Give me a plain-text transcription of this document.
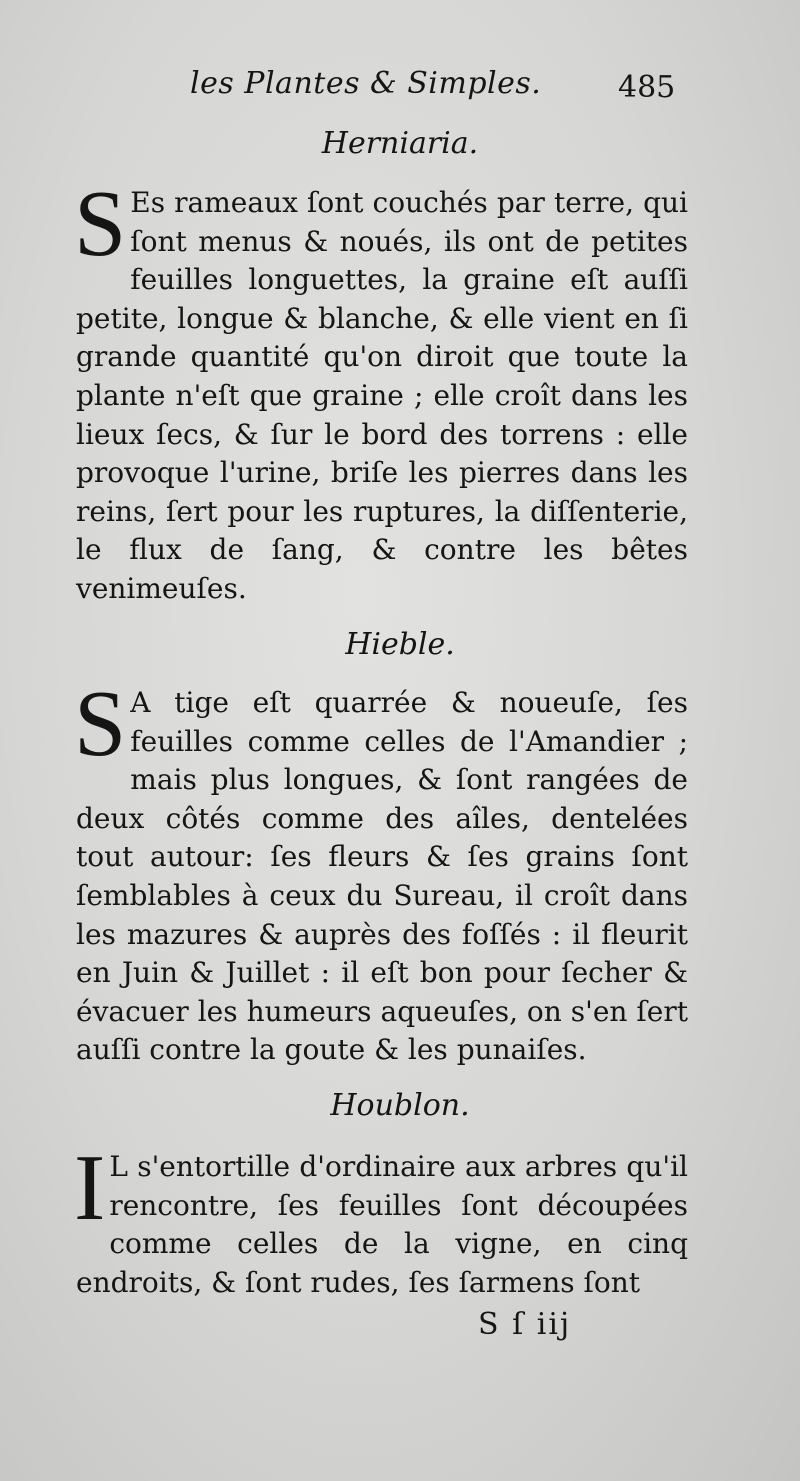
les Plantes & Simples.	485
Herniaria.

S Es rameaux ſont couchés par terre, qui ſont menus & noués, ils ont de petites feuilles longuettes, la graine eſt auſſi petite, longue & blanche, & elle vient en ſi grande quantité qu'on diroit que toute la plante n'eſt que graine ; elle croît dans les lieux ſecs, & ſur le bord des torrens : elle provoque l'urine, briſe les pierres dans les reins, ſert pour les ruptures, la diſſenterie, le flux de ſang, & contre les bêtes venimeuſes.

Hieble.

S A tige eſt quarrée & noueuſe, ſes feuilles comme celles de l'Amandier ; mais plus longues, & ſont rangées de deux côtés comme des aîles, dentelées tout autour: ſes fleurs & ſes grains ſont ſemblables à ceux du Sureau, il croît dans les mazures & auprès des foſſés : il fleurit en Juin & Juillet : il eſt bon pour ſecher & évacuer les humeurs aqueuſes, on s'en ſert auſſi contre la goute & les punaiſes.

Houblon.

I L s'entortille d'ordinaire aux arbres qu'il rencontre, ſes feuilles ſont découpées comme celles de la vigne, en cinq endroits, & ſont rudes, ſes ſarmens ſont

S ſ iij
